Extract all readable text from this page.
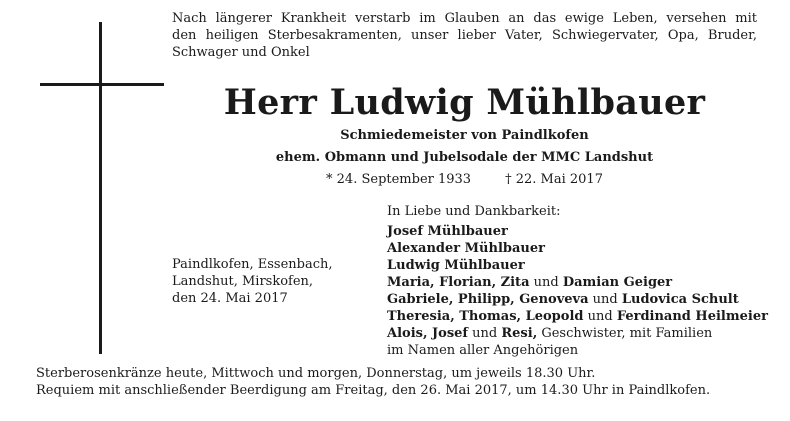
Nach längerer Krankheit verstarb im Glauben an das ewige Leben, versehen mit
den heiligen Sterbesakramenten, unser lieber Vater, Schwiegervater, Opa, Bruder,
Schwager und Onkel
Herr Ludwig Mühlbauer
Schmiedemeister von Paindlkofen
ehem. Obmann und Jubelsodale der MMC Landshut
* 24. September 1933	† 22. Mai 2017
Paindlkofen, Essenbach,
Landshut, Mirskofen,
den 24. Mai 2017
In Liebe und Dankbarkeit:
Josef Mühlbauer
Alexander Mühlbauer
Ludwig Mühlbauer
Maria, Florian, Zita und Damian Geiger
Gabriele, Philipp, Genoveva und Ludovica Schult
Theresia, Thomas, Leopold und Ferdinand Heilmeier
Alois, Josef und Resi, Geschwister, mit Familien
im Namen aller Angehörigen
Sterberosenkränze heute, Mittwoch und morgen, Donnerstag, um jeweils 18.30 Uhr.
Requiem mit anschließender Beerdigung am Freitag, den 26. Mai 2017, um 14.30 Uhr in Paindlkofen.
